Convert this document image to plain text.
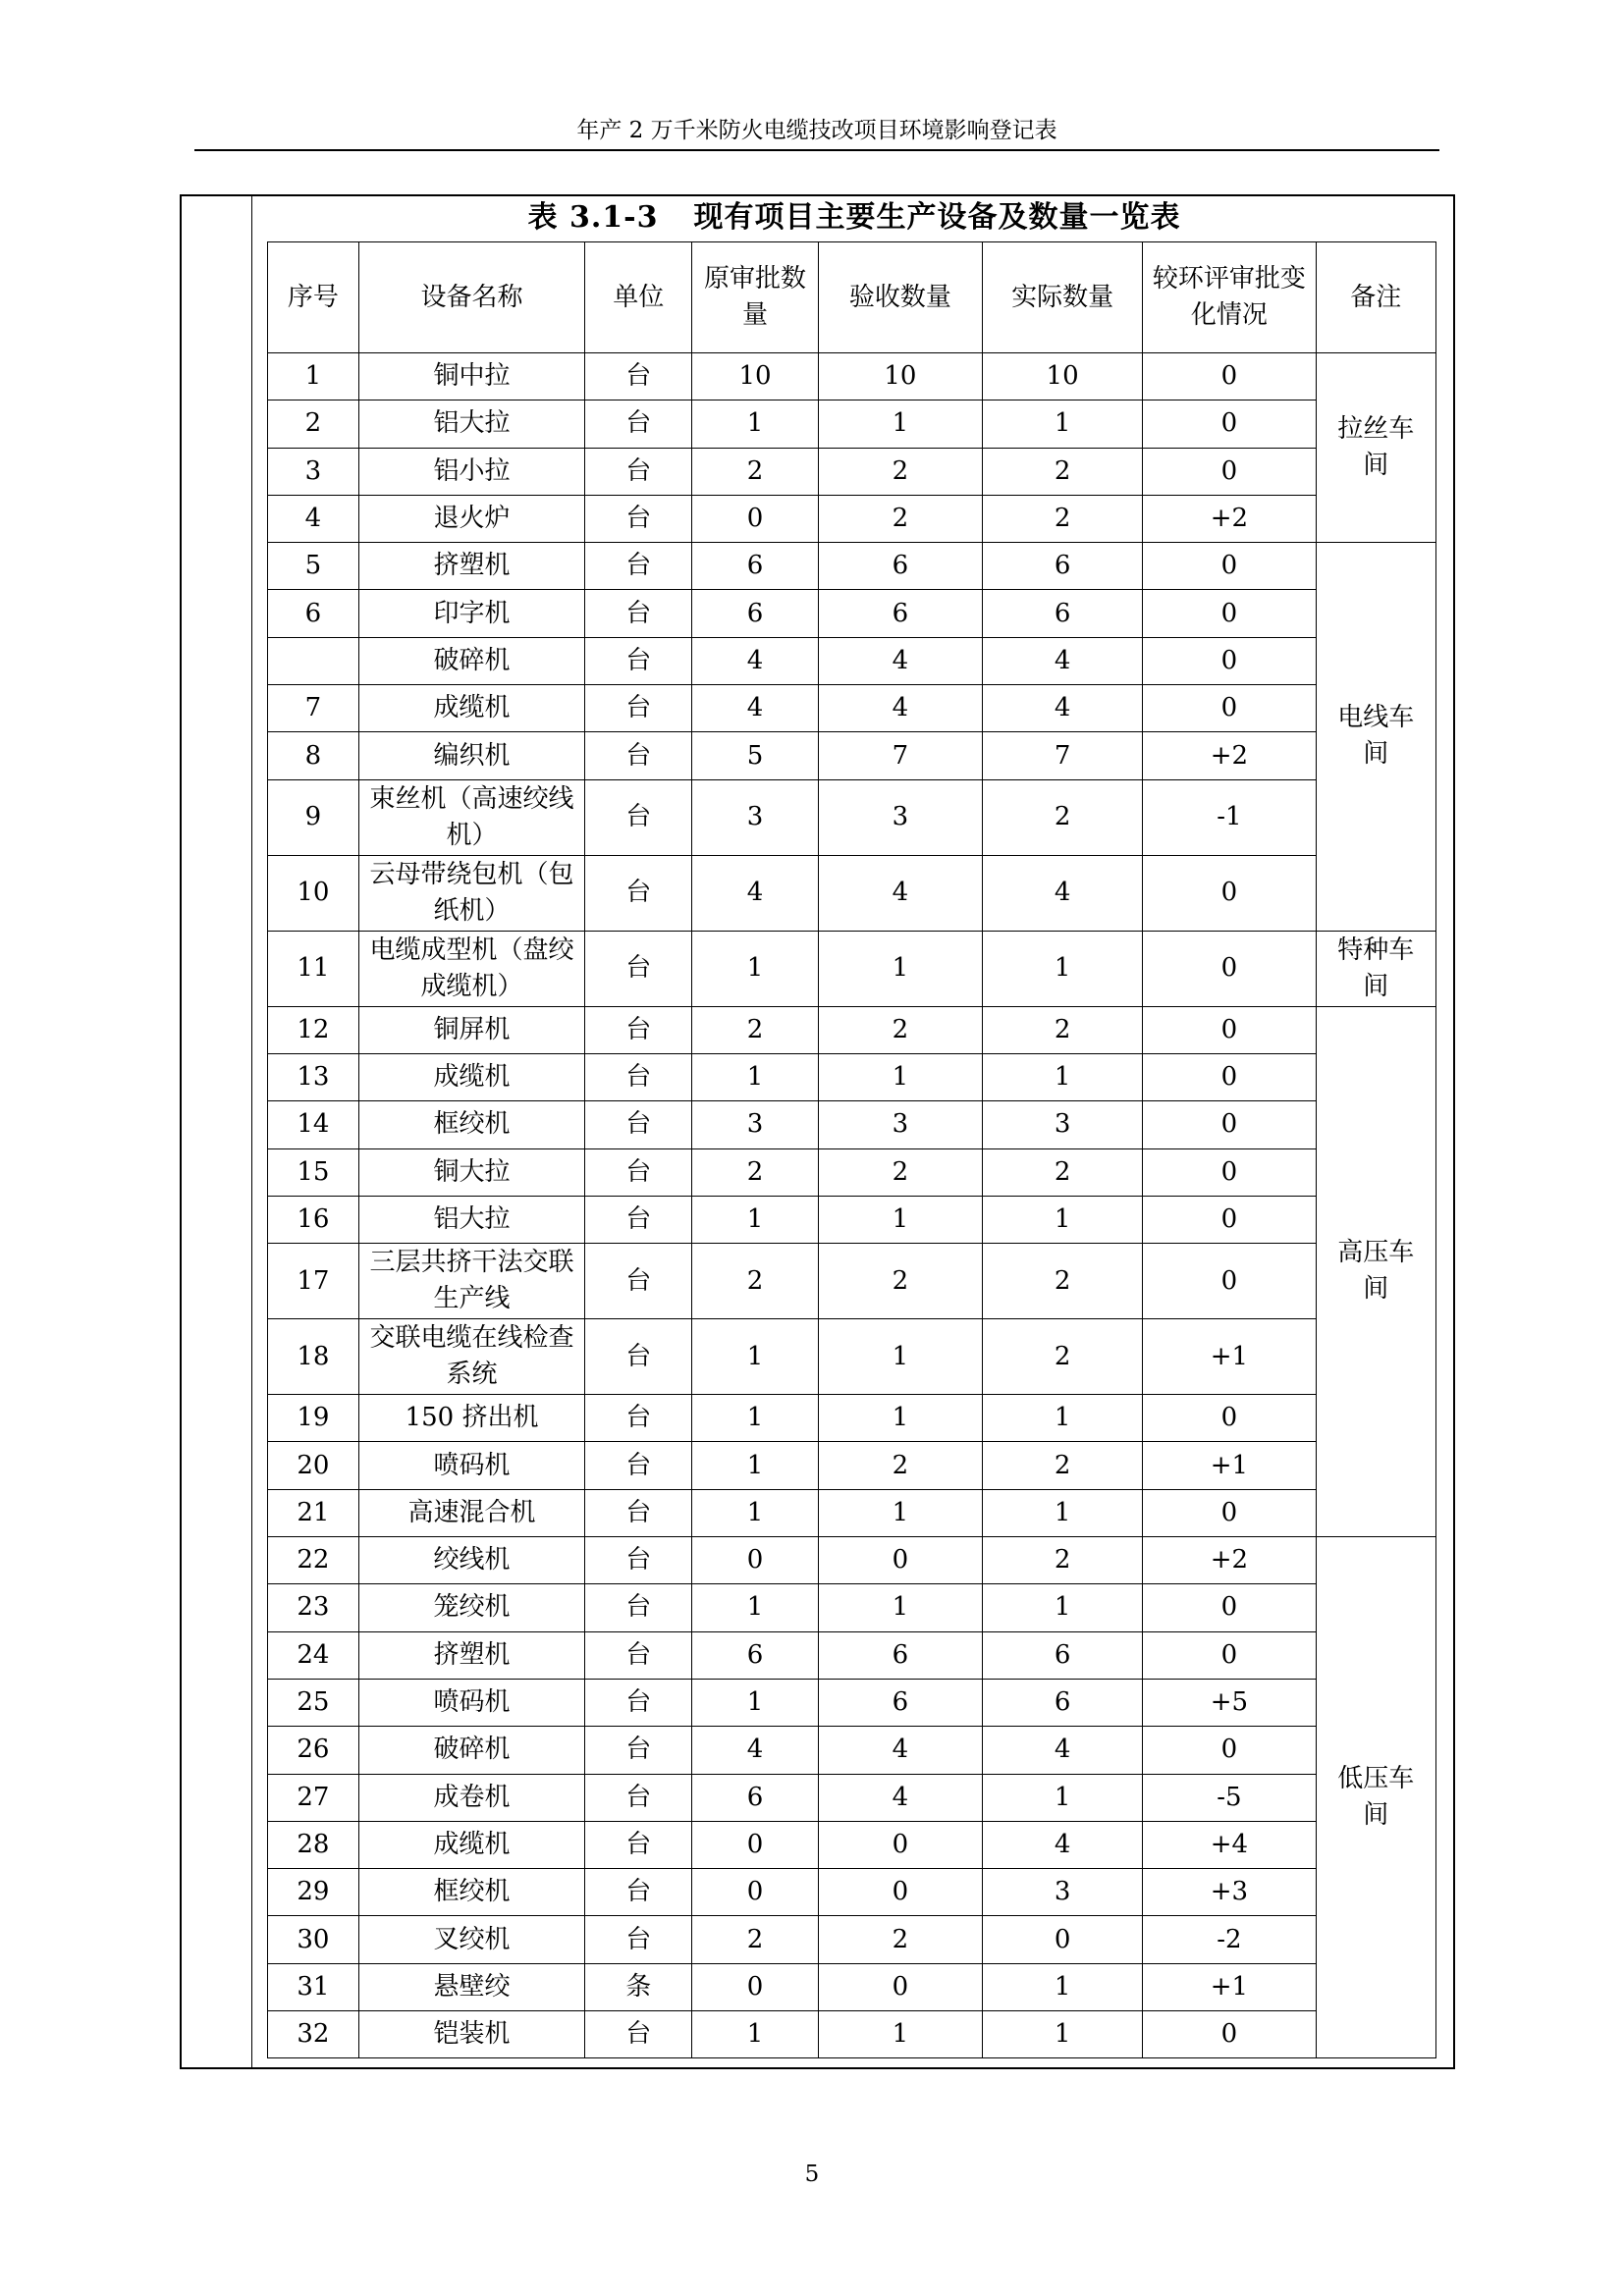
年产 2 万千米防火电缆技改项目环境影响登记表
表 3.1-3 现有项目主要生产设备及数量一览表
序号	设备名称	单位	原审批数量	验收数量	实际数量	较环评审批变化情况	备注
1	铜中拉	台	10	10	10	0	拉丝车间
2	铝大拉	台	1	1	1	0	
3	铝小拉	台	2	2	2	0	
4	退火炉	台	0	2	2	+2	
5	挤塑机	台	6	6	6	0	电线车间
6	印字机	台	6	6	6	0	
	破碎机	台	4	4	4	0	
7	成缆机	台	4	4	4	0	
8	编织机	台	5	7	7	+2	
9	束丝机（高速绞线机）	台	3	3	2	-1	
10	云母带绕包机（包纸机）	台	4	4	4	0	
11	电缆成型机（盘绞成缆机）	台	1	1	1	0	特种车间
12	铜屏机	台	2	2	2	0	高压车间
13	成缆机	台	1	1	1	0	
14	框绞机	台	3	3	3	0	
15	铜大拉	台	2	2	2	0	
16	铝大拉	台	1	1	1	0	
17	三层共挤干法交联生产线	台	2	2	2	0	
18	交联电缆在线检查系统	台	1	1	2	+1	
19	150 挤出机	台	1	1	1	0	
20	喷码机	台	1	2	2	+1	
21	高速混合机	台	1	1	1	0	
22	绞线机	台	0	0	2	+2	低压车间
23	笼绞机	台	1	1	1	0	
24	挤塑机	台	6	6	6	0	
25	喷码机	台	1	6	6	+5	
26	破碎机	台	4	4	4	0	
27	成卷机	台	6	4	1	-5	
28	成缆机	台	0	0	4	+4	
29	框绞机	台	0	0	3	+3	
30	叉绞机	台	2	2	0	-2	
31	悬壁绞	条	0	0	1	+1	
32	铠装机	台	1	1	1	0	
5
